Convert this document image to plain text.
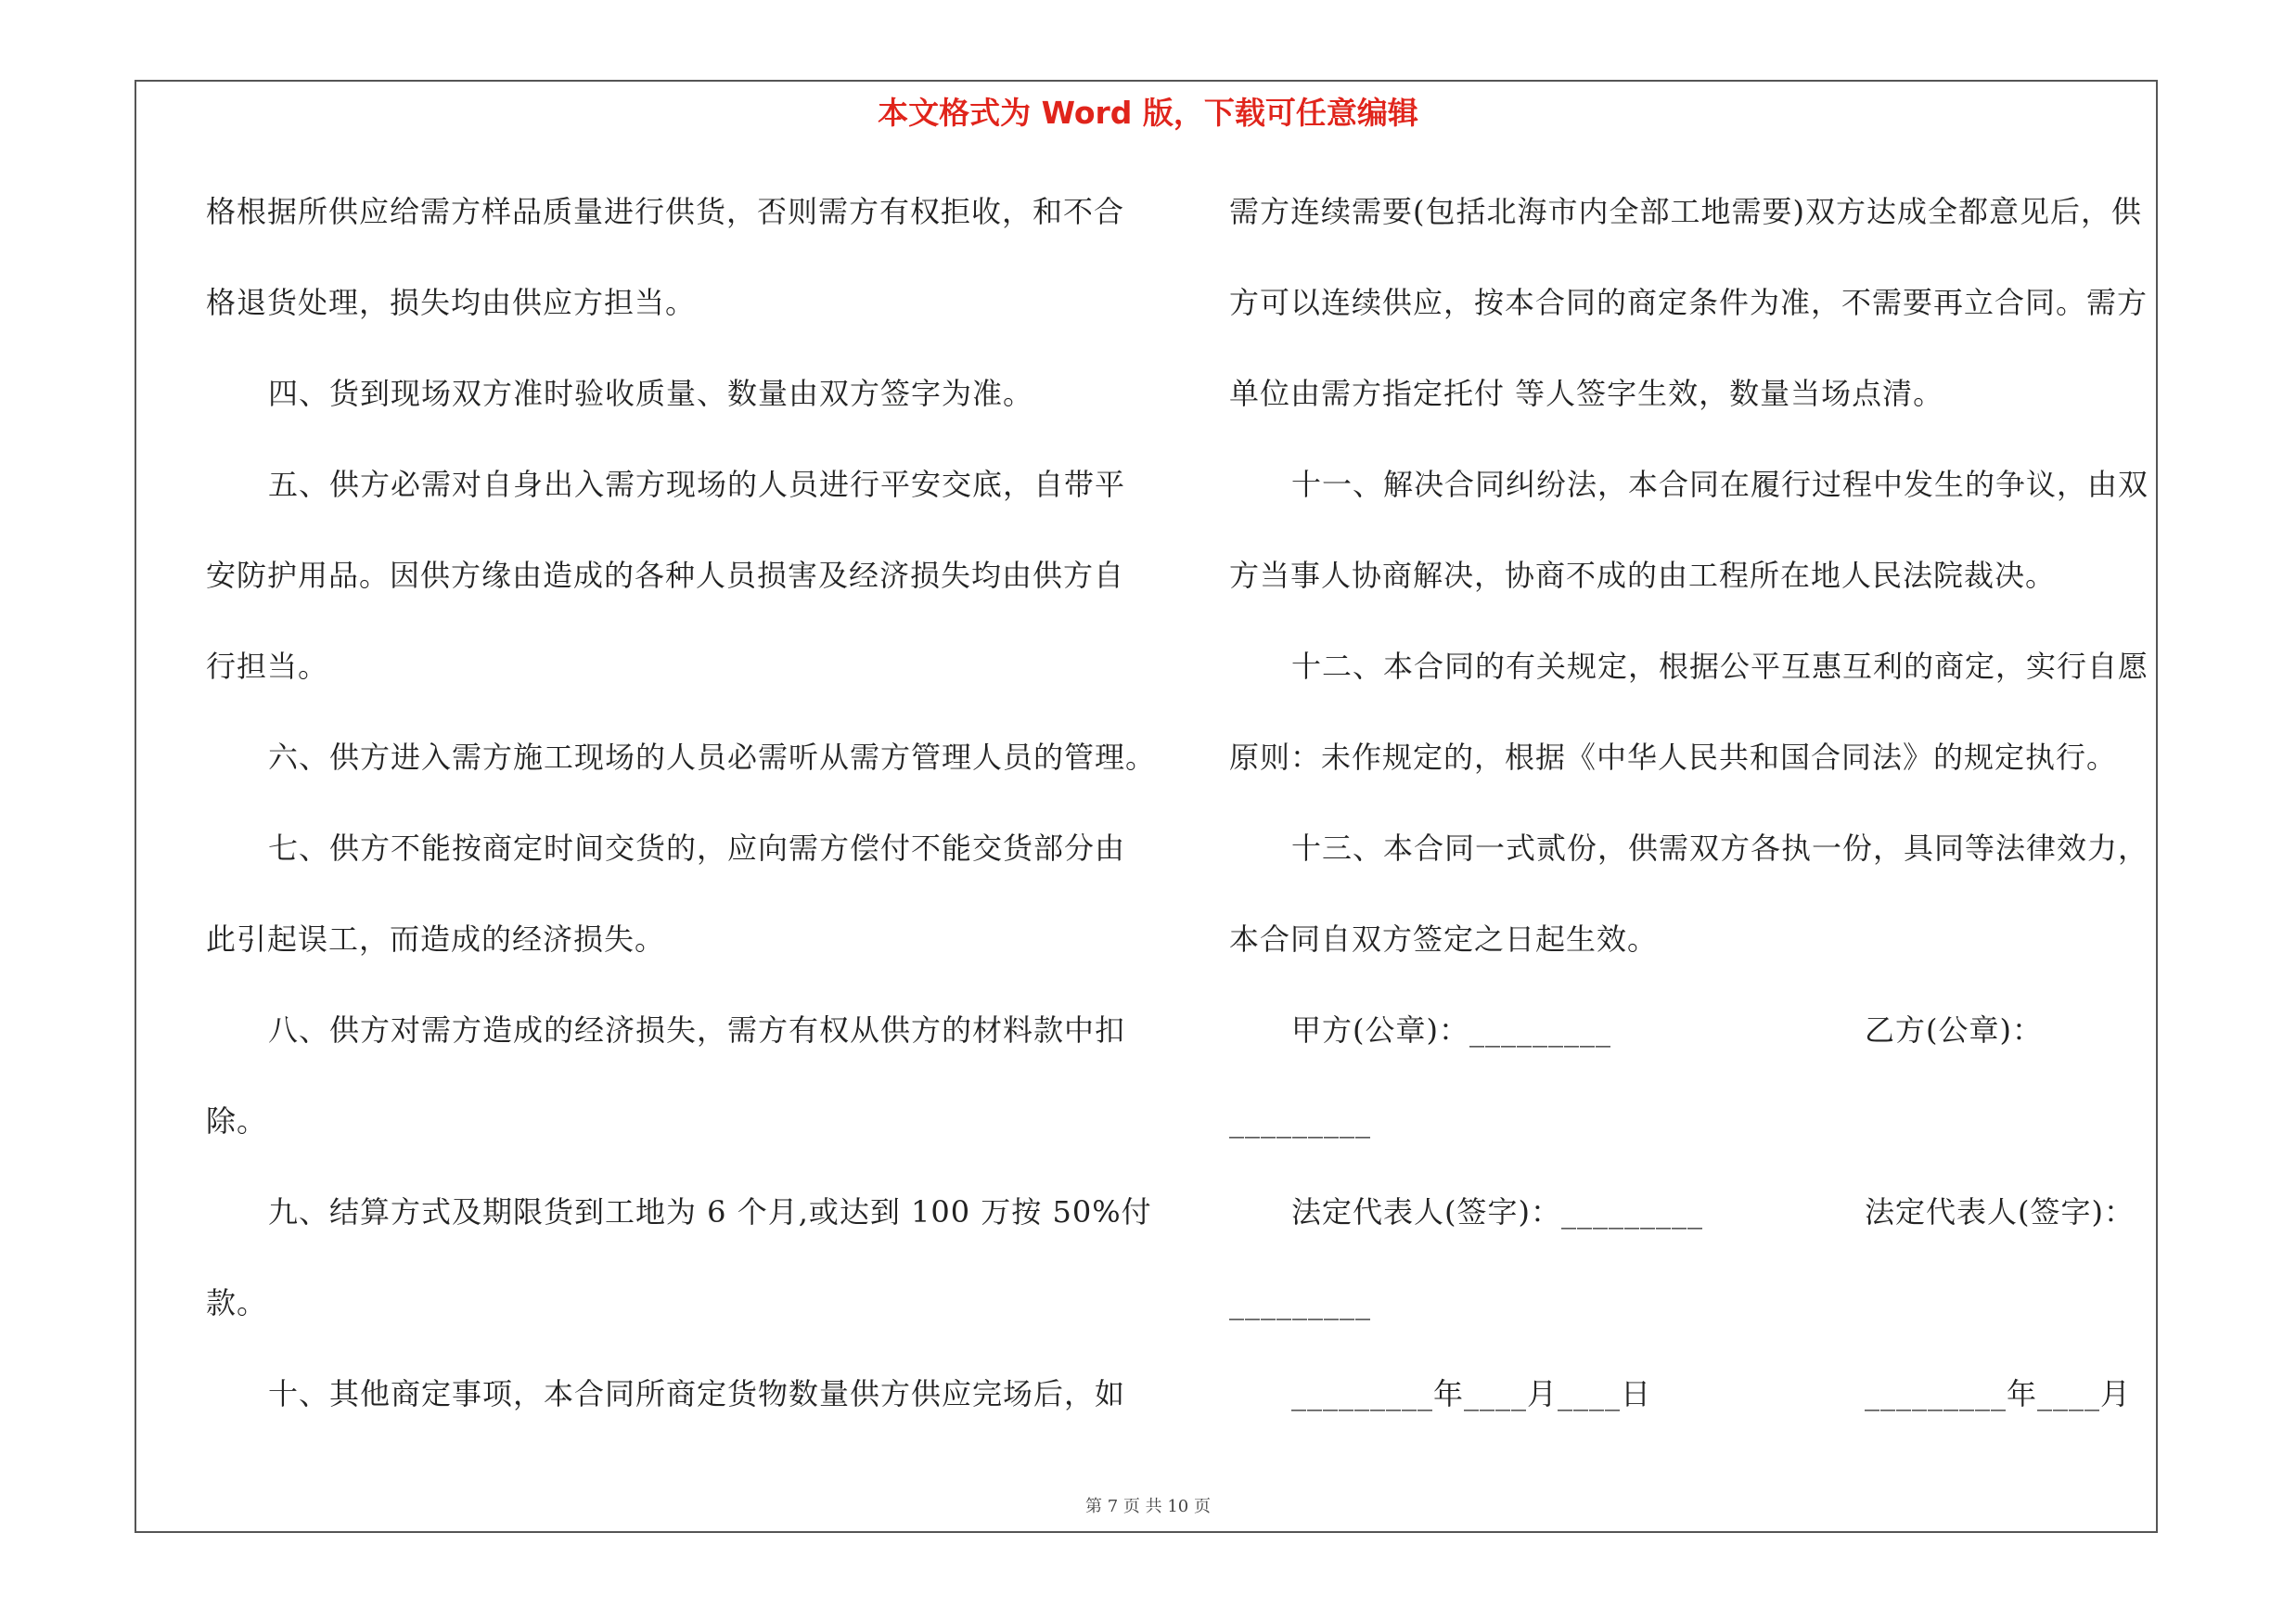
本文格式为 Word 版，下载可任意编辑
格根据所供应给需方样品质量进行供货，否则需方有权拒收，和不合
格退货处理，损失均由供应方担当。
四、货到现场双方准时验收质量、数量由双方签字为准。
五、供方必需对自身出入需方现场的人员进行平安交底，自带平
安防护用品。因供方缘由造成的各种人员损害及经济损失均由供方自
行担当。
六、供方进入需方施工现场的人员必需听从需方管理人员的管理。
七、供方不能按商定时间交货的，应向需方偿付不能交货部分由
此引起误工，而造成的经济损失。
八、供方对需方造成的经济损失，需方有权从供方的材料款中扣
除。
九、结算方式及期限货到工地为 6 个月,或达到 100 万按 50%付
款。
十、其他商定事项，本合同所商定货物数量供方供应完场后，如
需方连续需要(包括北海市内全部工地需要)双方达成全都意见后，供
方可以连续供应，按本合同的商定条件为准，不需要再立合同。需方
单位由需方指定托付 等人签字生效，数量当场点清。
十一、解决合同纠纷法，本合同在履行过程中发生的争议，由双
方当事人协商解决，协商不成的由工程所在地人民法院裁决。
十二、本合同的有关规定，根据公平互惠互利的商定，实行自愿
原则：未作规定的，根据《中华人民共和国合同法》的规定执行。
十三、本合同一式贰份，供需双方各执一份，具同等法律效力，
本合同自双方签定之日起生效。
甲方(公章)：_________	乙方(公章)：
_________
法定代表人(签字)：_________	法定代表人(签字)：
_________
_________年____月____日	_________年____月
第 7 页 共 10 页
